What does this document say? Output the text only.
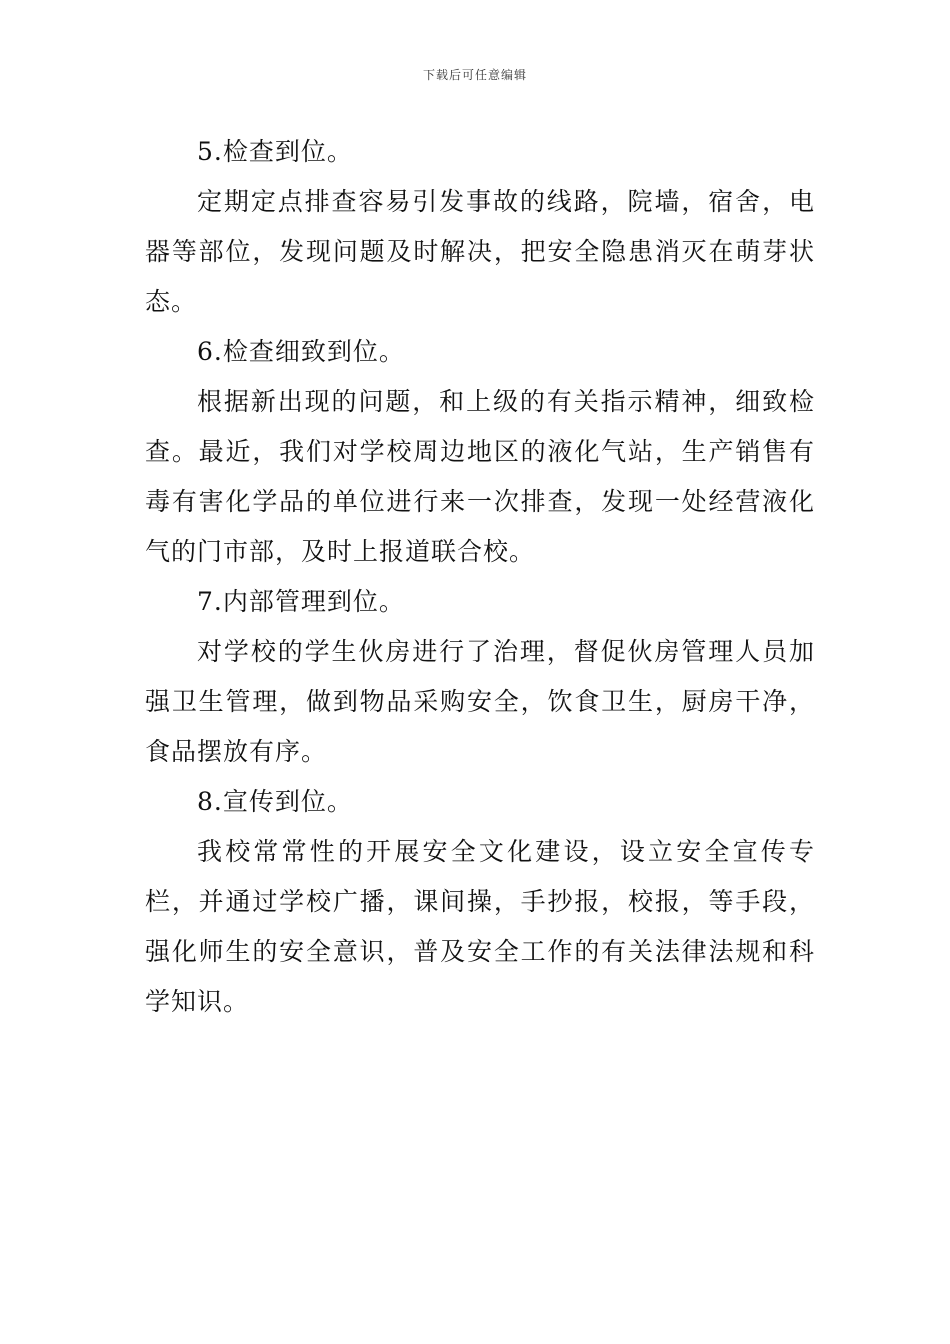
下载后可任意编辑

5.检查到位。

定期定点排查容易引发事故的线路，院墙，宿舍，电器等部位，发现问题及时解决，把安全隐患消灭在萌芽状态。

6.检查细致到位。

根据新出现的问题，和上级的有关指示精神，细致检查。最近，我们对学校周边地区的液化气站，生产销售有毒有害化学品的单位进行来一次排查，发现一处经营液化气的门市部，及时上报道联合校。

7.内部管理到位。

对学校的学生伙房进行了治理，督促伙房管理人员加强卫生管理，做到物品采购安全，饮食卫生，厨房干净，食品摆放有序。

8.宣传到位。

我校常常性的开展安全文化建设，设立安全宣传专栏，并通过学校广播，课间操，手抄报，校报，等手段，强化师生的安全意识，普及安全工作的有关法律法规和科学知识。
